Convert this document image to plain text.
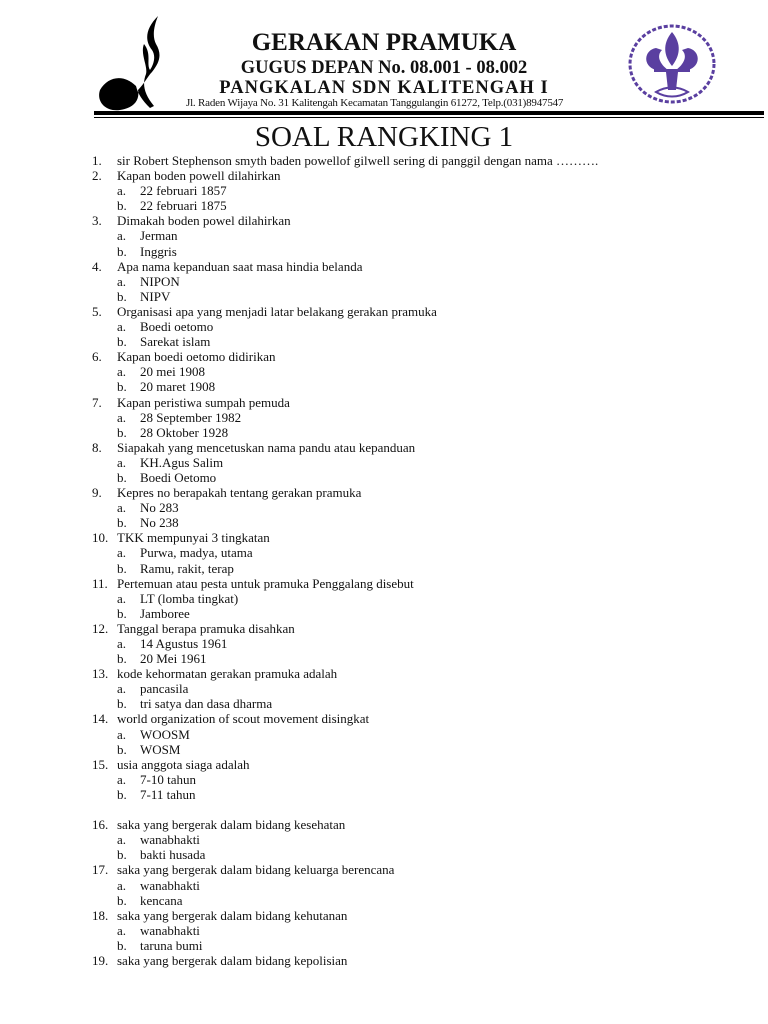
GERAKAN PRAMUKA
GUGUS DEPAN No. 08.001 - 08.002
PANGKALAN SDN KALITENGAH I
Jl. Raden Wijaya No. 31 Kalitengah Kecamatan Tanggulangin 61272, Telp.(031)8947547
SOAL RANGKING 1
1. sir Robert Stephenson smyth baden powellof gilwell sering di panggil dengan nama ……….
2. Kapan boden powell dilahirkan
a. 22 februari 1857
b. 22 februari 1875
3. Dimakah boden powel dilahirkan
a. Jerman
b. Inggris
4. Apa nama kepanduan saat masa hindia belanda
a. NIPON
b. NIPV
5. Organisasi apa yang menjadi latar belakang gerakan pramuka
a. Boedi oetomo
b. Sarekat islam
6. Kapan boedi oetomo didirikan
a. 20 mei 1908
b. 20 maret 1908
7. Kapan peristiwa sumpah pemuda
a. 28 September 1982
b. 28 Oktober 1928
8. Siapakah yang mencetuskan nama pandu atau kepanduan
a. KH.Agus Salim
b. Boedi Oetomo
9. Kepres no berapakah tentang gerakan pramuka
a. No 283
b. No 238
10. TKK mempunyai 3 tingkatan
a. Purwa, madya, utama
b. Ramu, rakit, terap
11. Pertemuan atau pesta untuk pramuka Penggalang disebut
a. LT (lomba tingkat)
b. Jamboree
12. Tanggal berapa pramuka disahkan
a. 14 Agustus 1961
b. 20 Mei 1961
13. kode kehormatan gerakan pramuka adalah
a. pancasila
b. tri satya dan dasa dharma
14. world organization of scout movement disingkat
a. WOOSM
b. WOSM
15. usia anggota siaga adalah
a. 7-10 tahun
b. 7-11 tahun
16. saka yang bergerak dalam bidang kesehatan
a. wanabhakti
b. bakti husada
17. saka yang bergerak dalam bidang keluarga berencana
a. wanabhakti
b. kencana
18. saka yang bergerak dalam bidang kehutanan
a. wanabhakti
b. taruna bumi
19. saka yang bergerak dalam bidang kepolisian
